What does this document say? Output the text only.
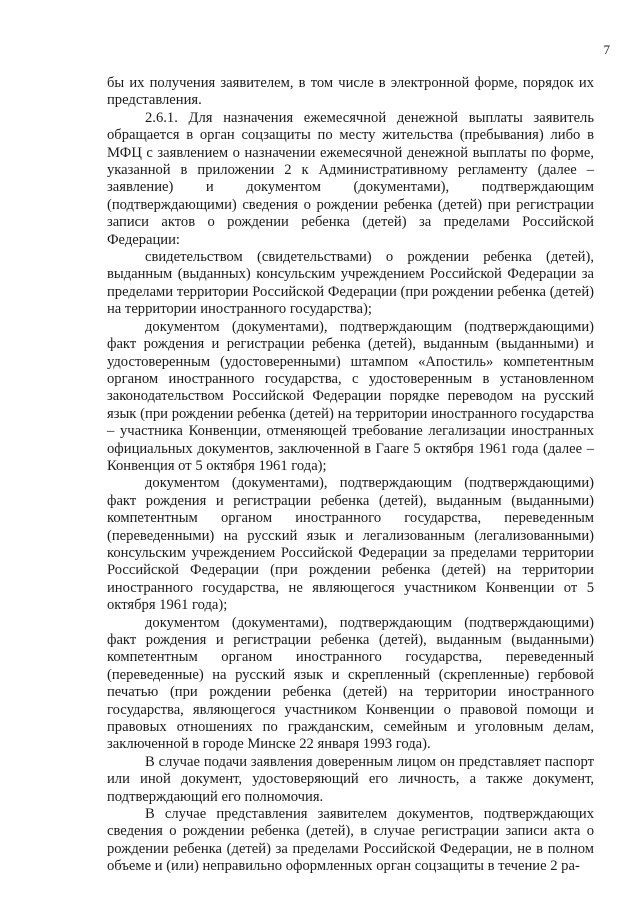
7

бы их получения заявителем, в том числе в электронной форме, порядок их представления.

2.6.1. Для назначения ежемесячной денежной выплаты заявитель обращается в орган соцзащиты по месту жительства (пребывания) либо в МФЦ с заявлением о назначении ежемесячной денежной выплаты по форме, указанной в приложении 2 к Административному регламенту (далее – заявление) и документом (документами), подтверждающим (подтверждающими) сведения о рождении ребенка (детей) при регистрации записи актов о рождении ребенка (детей) за пределами Российской Федерации:

свидетельством (свидетельствами) о рождении ребенка (детей), выданным (выданных) консульским учреждением Российской Федерации за пределами территории Российской Федерации (при рождении ребенка (детей) на территории иностранного государства);

документом (документами), подтверждающим (подтверждающими) факт рождения и регистрации ребенка (детей), выданным (выданными) и удостоверенным (удостоверенными) штампом «Апостиль» компетентным органом иностранного государства, с удостоверенным в установленном законодательством Российской Федерации порядке переводом на русский язык (при рождении ребенка (детей) на территории иностранного государства – участника Конвенции, отменяющей требование легализации иностранных официальных документов, заключенной в Гааге 5 октября 1961 года (далее – Конвенция от 5 октября 1961 года);

документом (документами), подтверждающим (подтверждающими) факт рождения и регистрации ребенка (детей), выданным (выданными) компетентным органом иностранного государства, переведенным (переведенными) на русский язык и легализованным (легализованными) консульским учреждением Российской Федерации за пределами территории Российской Федерации (при рождении ребенка (детей) на территории иностранного государства, не являющегося участником Конвенции от 5 октября 1961 года);

документом (документами), подтверждающим (подтверждающими) факт рождения и регистрации ребенка (детей), выданным (выданными) компетентным органом иностранного государства, переведенный (переведенные) на русский язык и скрепленный (скрепленные) гербовой печатью (при рождении ребенка (детей) на территории иностранного государства, являющегося участником Конвенции о правовой помощи и правовых отношениях по гражданским, семейным и уголовным делам, заключенной в городе Минске 22 января 1993 года).

В случае подачи заявления доверенным лицом он представляет паспорт или иной документ, удостоверяющий его личность, а также документ, подтверждающий его полномочия.

В случае представления заявителем документов, подтверждающих сведения о рождении ребенка (детей), в случае регистрации записи акта о рождении ребенка (детей) за пределами Российской Федерации, не в полном объеме и (или) неправильно оформленных орган соцзащиты в течение 2 ра-
